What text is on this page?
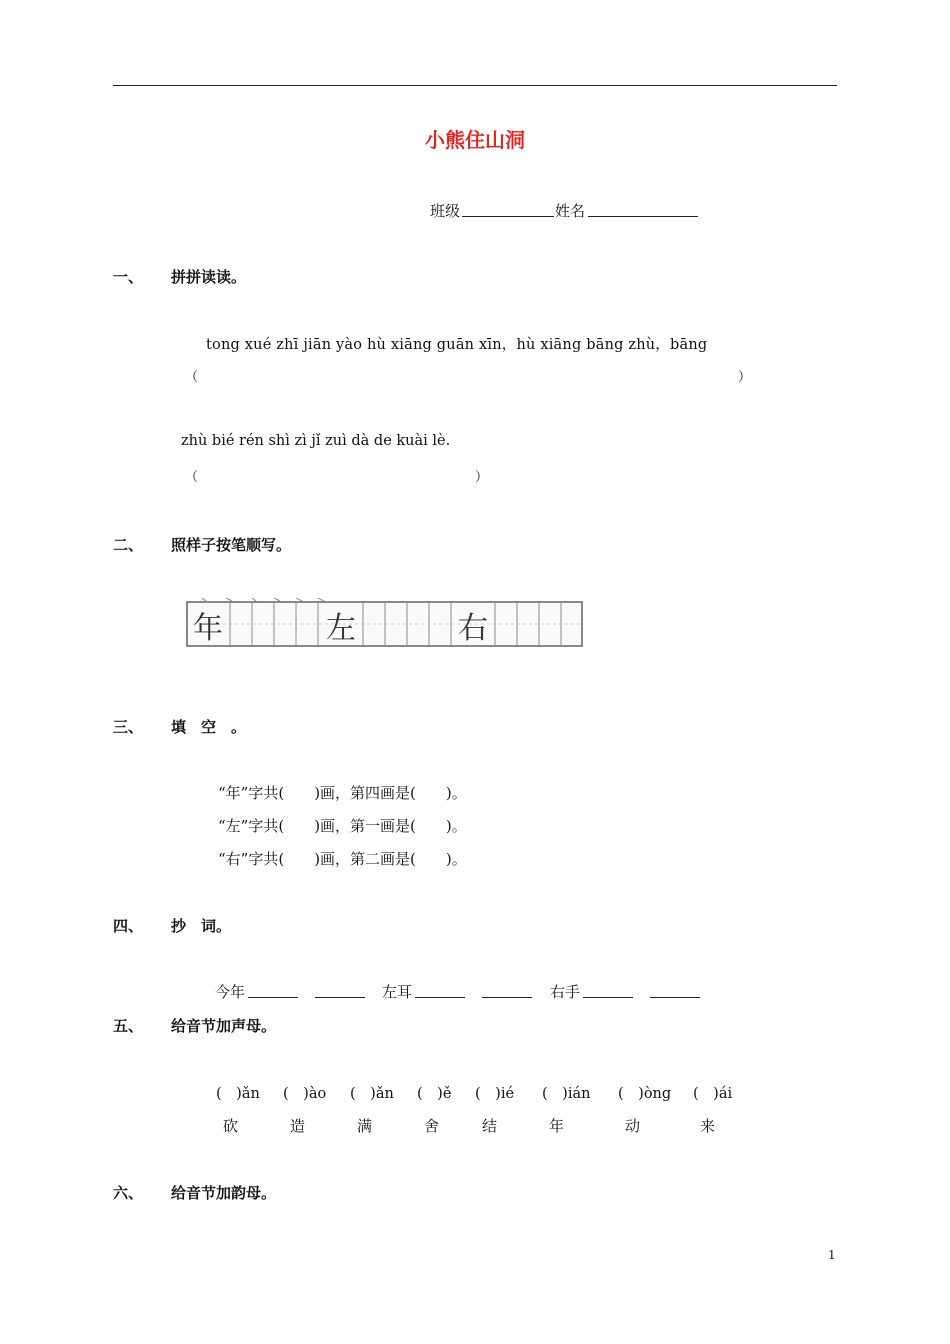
小熊住山洞
班级	姓名
一、 拼拼读读。
tong xué zhī jiān yào hù xiāng guān xīn，hù xiāng bāng zhù，bāng
（	）
zhù bié rén shì zì jǐ zuì dà de kuài lè.
（	）
二、 照样子按笔顺写。
年	左	右
三、 填　空　。
“年”字共(　　)画，第四画是(　　)。
“左”字共(　　)画，第一画是(　　)。
“右”字共(　　)画，第二画是(　　)。
四、 抄　词。
今年	左耳	右手
五、 给音节加声母。
(　)ǎn (　)ào (　)ǎn (　)ě (　)ié (　)ián (　)òng (　)ái
砍	造	满	舍	结	年	动	来
六、 给音节加韵母。
1
